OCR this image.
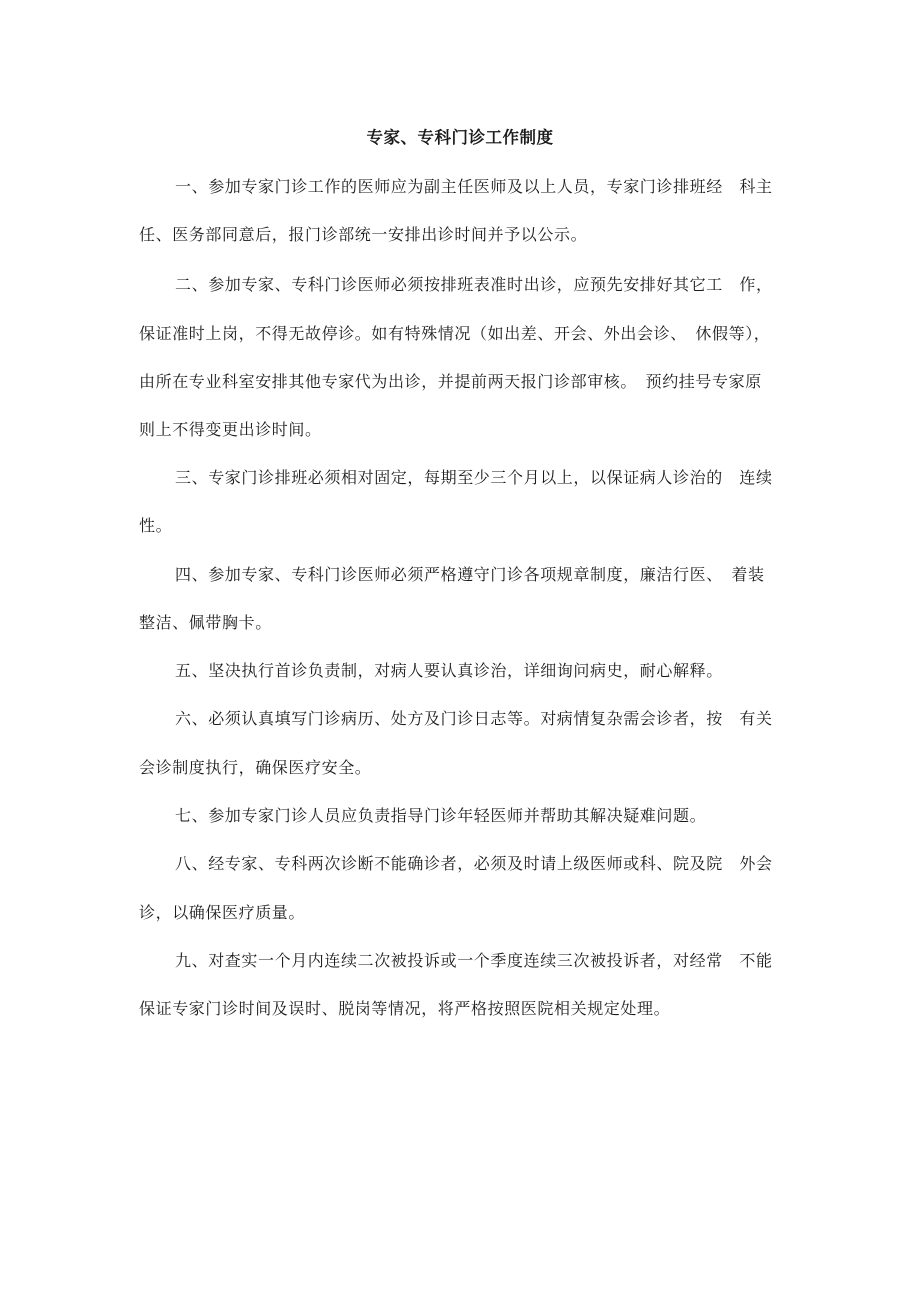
专家、专科门诊工作制度
一、参加专家门诊工作的医师应为副主任医师及以上人员，专家门诊排班经　科主
任、医务部同意后，报门诊部统一安排出诊时间并予以公示。
二、参加专家、专科门诊医师必须按排班表准时出诊，应预先安排好其它工　作，
保证准时上岗，不得无故停诊。如有特殊情况（如出差、开会、外出会诊、　休假等），
由所在专业科室安排其他专家代为出诊，并提前两天报门诊部审核。　预约挂号专家原
则上不得变更出诊时间。
三、专家门诊排班必须相对固定，每期至少三个月以上，以保证病人诊治的　连续
性。
四、参加专家、专科门诊医师必须严格遵守门诊各项规章制度，廉洁行医、　着装
整洁、佩带胸卡。
五、坚决执行首诊负责制，对病人要认真诊治，详细询问病史，耐心解释。
六、必须认真填写门诊病历、处方及门诊日志等。对病情复杂需会诊者，按　有关
会诊制度执行，确保医疗安全。
七、参加专家门诊人员应负责指导门诊年轻医师并帮助其解决疑难问题。
八、经专家、专科两次诊断不能确诊者，必须及时请上级医师或科、院及院　外会
诊，以确保医疗质量。
九、对查实一个月内连续二次被投诉或一个季度连续三次被投诉者，对经常　不能
保证专家门诊时间及误时、脱岗等情况，将严格按照医院相关规定处理。
